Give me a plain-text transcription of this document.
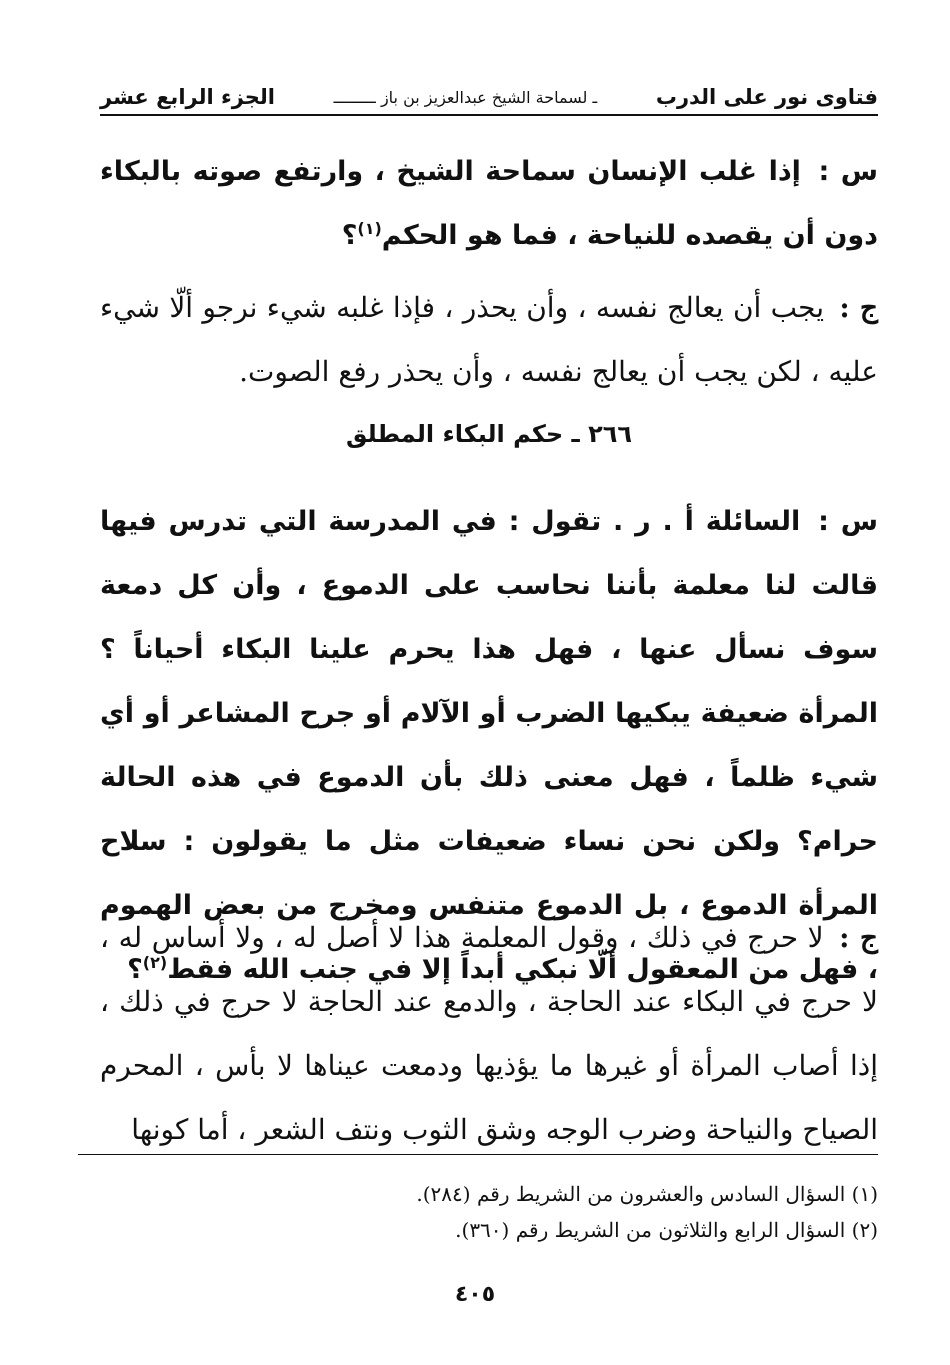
فتاوى نور على الدرب
ـ لسماحة الشيخ عبدالعزيز بن باز ـــــــــ
الجزء الرابع عشر
س : إذا غلب الإنسان سماحة الشيخ ، وارتفع صوته بالبكاء دون أن يقصده للنياحة ، فما هو الحكم$^{(١)}$؟
ج : يجب أن يعالج نفسه ، وأن يحذر ، فإذا غلبه شيء نرجو ألّا شيء عليه ، لكن يجب أن يعالج نفسه ، وأن يحذر رفع الصوت.
٢٦٦ ـ حكم البكاء المطلق
س : السائلة أ . ر . تقول : في المدرسة التي تدرس فيها قالت لنا معلمة بأننا نحاسب على الدموع ، وأن كل دمعة سوف نسأل عنها ، فهل هذا يحرم علينا البكاء أحياناً ؟ المرأة ضعيفة يبكيها الضرب أو الآلام أو جرح المشاعر أو أي شيء ظلماً ، فهل معنى ذلك بأن الدموع في هذه الحالة حرام؟ ولكن نحن نساء ضعيفات مثل ما يقولون : سلاح المرأة الدموع ، بل الدموع متنفس ومخرج من بعض الهموم ، فهل من المعقول ألّا نبكي أبداً إلا في جنب الله فقط$^{(٢)}$؟
ج : لا حرج في ذلك ، وقول المعلمة هذا لا أصل له ، ولا أساس له ، لا حرج في البكاء عند الحاجة ، والدمع عند الحاجة لا حرج في ذلك ، إذا أصاب المرأة أو غيرها ما يؤذيها ودمعت عيناها لا بأس ، المحرم الصياح والنياحة وضرب الوجه وشق الثوب ونتف الشعر ، أما كونها
(١) السؤال السادس والعشرون من الشريط رقم (٢٨٤).
(٢) السؤال الرابع والثلاثون من الشريط رقم (٣٦٠).
٤٠٥
